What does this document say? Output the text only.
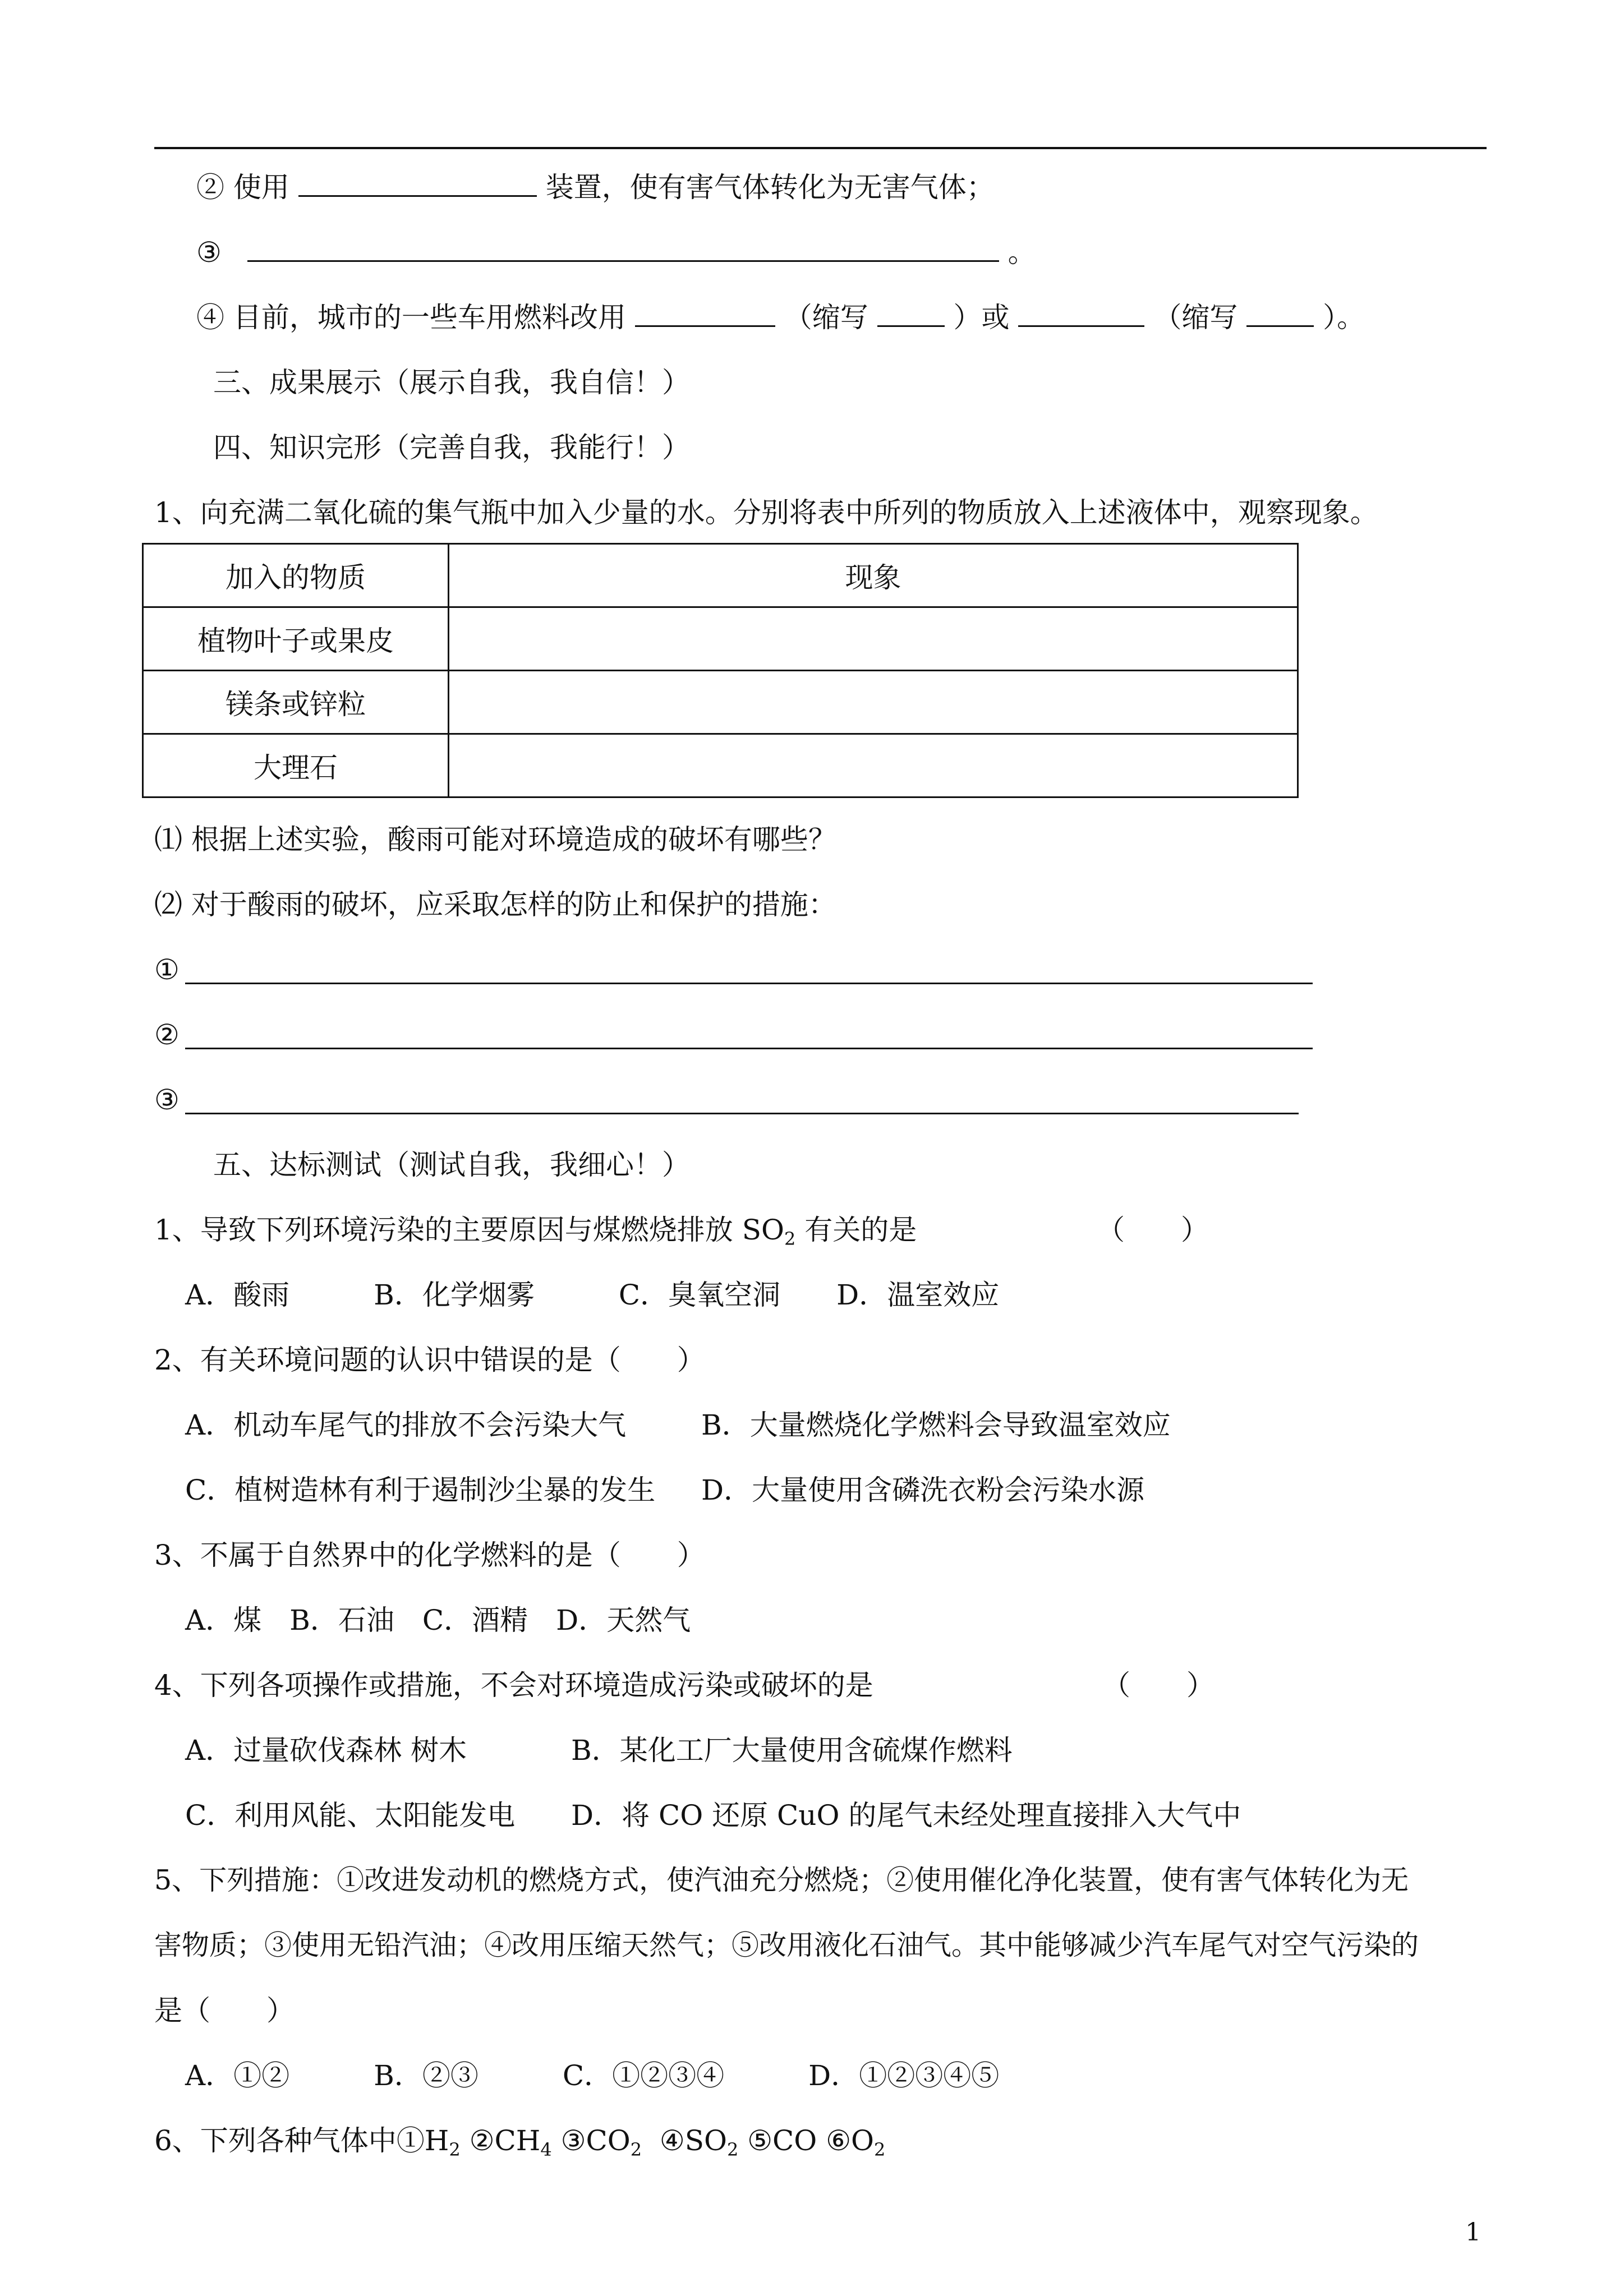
② 使用	装置，使有害气体转化为无害气体；
③	。
④ 目前，城市的一些车用燃料改用	（缩写	）或	（缩写	）。
三、成果展示（展示自我，我自信！）
四、知识完形（完善自我，我能行！）
1、向充满二氧化硫的集气瓶中加入少量的水。分别将表中所列的物质放入上述液体中，观察现象。
加入的物质	现象
植物叶子或果皮	
镁条或锌粒	
大理石	
⑴ 根据上述实验，酸雨可能对环境造成的破坏有哪些？
⑵ 对于酸雨的破坏，应采取怎样的防止和保护的措施：
①
②
③
五、达标测试（测试自我，我细心！）
1、导致下列环境污染的主要原因与煤燃烧排放 $SO_2$ 有关的是	（　　）
A．酸雨　　　B．化学烟雾　　　C．臭氧空洞　　D．温室效应
2、有关环境问题的认识中错误的是（　　）
A．机动车尾气的排放不会污染大气	B．大量燃烧化学燃料会导致温室效应
C．植树造林有利于遏制沙尘暴的发生 D．大量使用含磷洗衣粉会污染水源
3、不属于自然界中的化学燃料的是（　　）
A．煤　B．石油　C．酒精　D．天然气
4、下列各项操作或措施，不会对环境造成污染或破坏的是	（　　）
A．过量砍伐森林 树木	B．某化工厂大量使用含硫煤作燃料
C．利用风能、太阳能发电 D．将 CO 还原 CuO 的尾气未经处理直接排入大气中
5、下列措施：①改进发动机的燃烧方式，使汽油充分燃烧；②使用催化净化装置，使有害气体转化为无
害物质；③使用无铅汽油；④改用压缩天然气；⑤改用液化石油气。其中能够减少汽车尾气对空气污染的
是（　　）
A．①②　　　B．②③　　　C．①②③④　　　D．①②③④⑤
6、下列各种气体中$①H_2$ $②CH_4$ $③CO_2$ $④SO_2$ ⑤CO $⑥O_2$
1
